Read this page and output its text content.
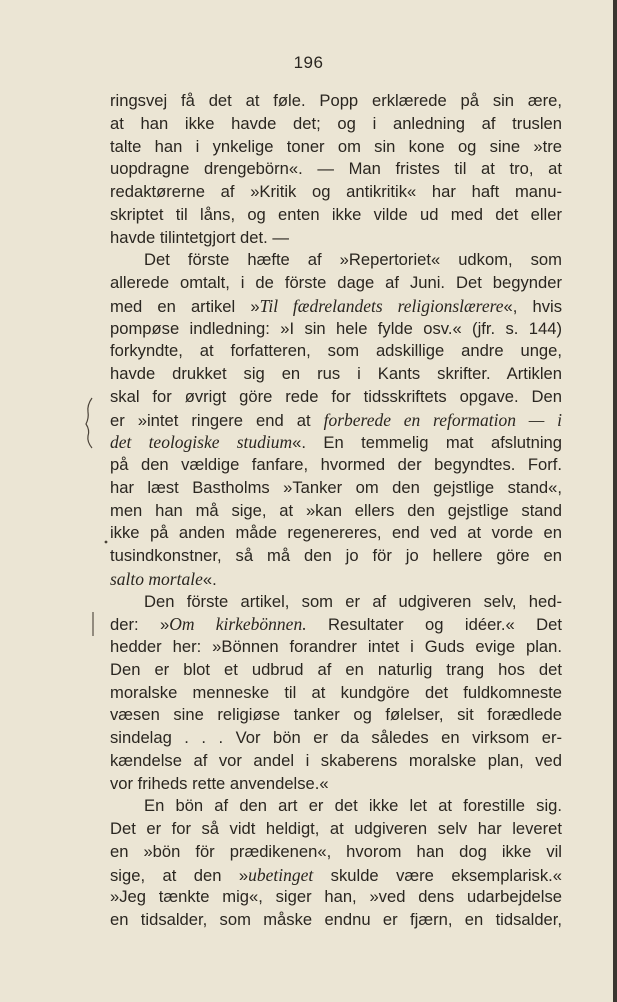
196
ringsvej få det at føle. Popp erklærede på sin ære,
at han ikke havde det; og i anledning af truslen
talte han i ynkelige toner om sin kone og sine »tre
uopdragne drengebörn«. — Man fristes til at tro, at
redaktørerne af »Kritik og antikritik« har haft manu-
skriptet til låns, og enten ikke vilde ud med det eller
havde tilintetgjort det. —
Det förste hæfte af »Repertoriet« udkom, som
allerede omtalt, i de förste dage af Juni. Det begynder
med en artikel »Til fædrelandets religionslærere«, hvis
pompøse indledning: »I sin hele fylde osv.« (jfr. s. 144)
forkyndte, at forfatteren, som adskillige andre unge,
havde drukket sig en rus i Kants skrifter. Artiklen
skal for øvrigt göre rede for tidsskriftets opgave. Den
er »intet ringere end at forberede en reformation — i
det teologiske studium«. En temmelig mat afslutning
på den vældige fanfare, hvormed der begyndtes. Forf.
har læst Bastholms »Tanker om den gejstlige stand«,
men han må sige, at »kan ellers den gejstlige stand
ikke på anden måde regenereres, end ved at vorde en
tusindkonstner, så må den jo för jo hellere göre en
salto mortale«.
Den förste artikel, som er af udgiveren selv, hed-
der: »Om kirkebönnen. Resultater og idéer.« Det
hedder her: »Bönnen forandrer intet i Guds evige plan.
Den er blot et udbrud af en naturlig trang hos det
moralske menneske til at kundgöre det fuldkomneste
væsen sine religiøse tanker og følelser, sit forædlede
sindelag . . . Vor bön er da således en virksom er-
kændelse af vor andel i skaberens moralske plan, ved
vor friheds rette anvendelse.«
En bön af den art er det ikke let at forestille sig.
Det er for så vidt heldigt, at udgiveren selv har leveret
en »bön för prædikenen«, hvorom han dog ikke vil
sige, at den »ubetinget skulde være eksemplarisk.«
»Jeg tænkte mig«, siger han, »ved dens udarbejdelse
en tidsalder, som måske endnu er fjærn, en tidsalder,
